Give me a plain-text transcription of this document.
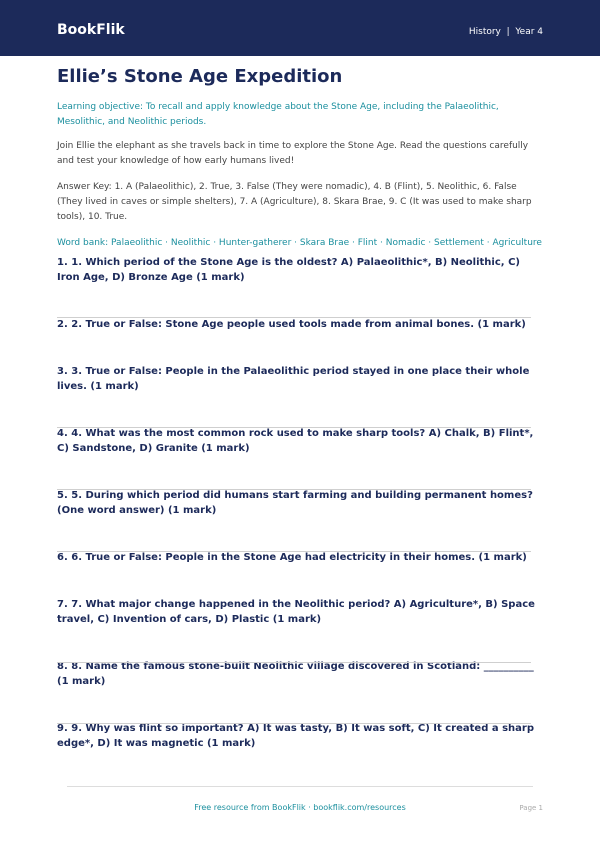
BookFlik	History  |  Year 4
Ellie’s Stone Age Expedition
Learning objective: To recall and apply knowledge about the Stone Age, including the Palaeolithic, Mesolithic, and Neolithic periods.
Join Ellie the elephant as she travels back in time to explore the Stone Age. Read the questions carefully and test your knowledge of how early humans lived!
Answer Key: 1. A (Palaeolithic), 2. True, 3. False (They were nomadic), 4. B (Flint), 5. Neolithic, 6. False (They lived in caves or simple shelters), 7. A (Agriculture), 8. Skara Brae, 9. C (It was used to make sharp tools), 10. True.
Word bank: Palaeolithic · Neolithic · Hunter-gatherer · Skara Brae · Flint · Nomadic · Settlement · Agriculture
1. 1. Which period of the Stone Age is the oldest? A) Palaeolithic*, B) Neolithic, C) Iron Age, D) Bronze Age (1 mark)
2. 2. True or False: Stone Age people used tools made from animal bones. (1 mark)
3. 3. True or False: People in the Palaeolithic period stayed in one place their whole lives. (1 mark)
4. 4. What was the most common rock used to make sharp tools? A) Chalk, B) Flint*, C) Sandstone, D) Granite (1 mark)
5. 5. During which period did humans start farming and building permanent homes? (One word answer) (1 mark)
6. 6. True or False: People in the Stone Age had electricity in their homes. (1 mark)
7. 7. What major change happened in the Neolithic period? A) Agriculture*, B) Space travel, C) Invention of cars, D) Plastic (1 mark)
8. 8. Name the famous stone-built Neolithic village discovered in Scotland: __________ (1 mark)
9. 9. Why was flint so important? A) It was tasty, B) It was soft, C) It created a sharp edge*, D) It was magnetic (1 mark)
Free resource from BookFlik · bookflik.com/resources	Page 1
